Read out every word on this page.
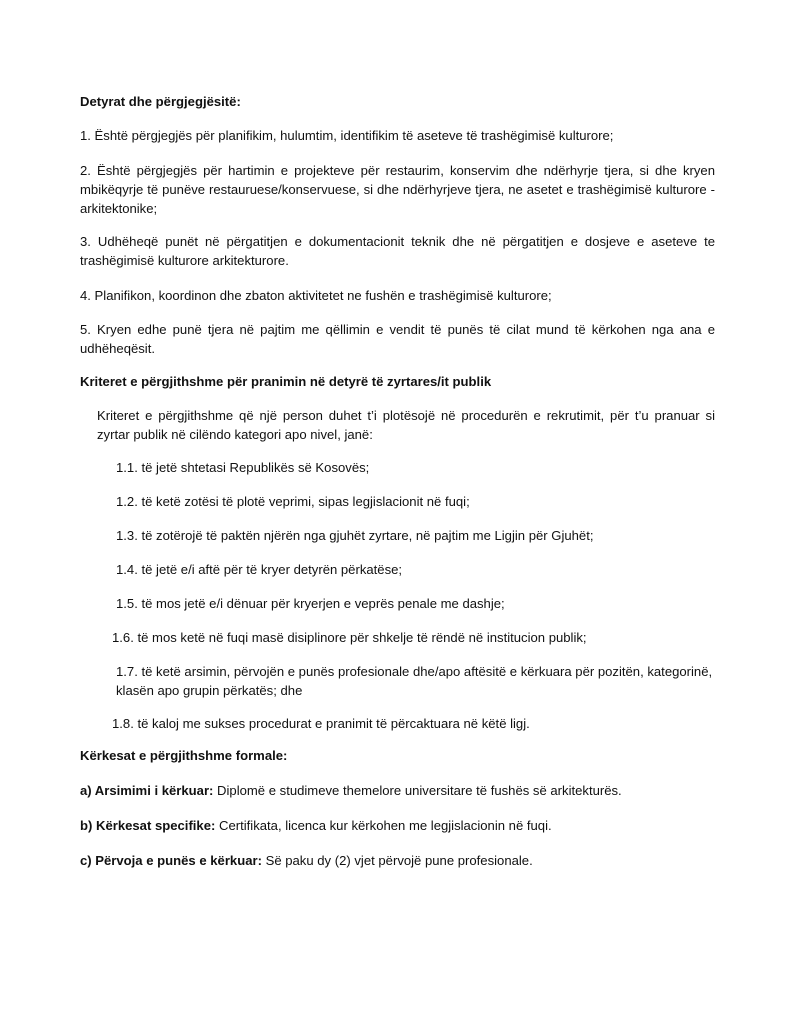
Detyrat dhe përgjegjësitë:
1. Është përgjegjës për planifikim, hulumtim, identifikim të aseteve të trashëgimisë kulturore;
2. Është përgjegjës për hartimin e projekteve për restaurim, konservim dhe ndërhyrje tjera, si dhe kryen mbikëqyrje të punëve restauruese/konservuese, si dhe ndërhyrjeve tjera, ne asetet e trashëgimisë kulturore - arkitektonike;
3. Udhëheqë punët në përgatitjen e dokumentacionit teknik dhe në përgatitjen e dosjeve e aseteve te trashëgimisë kulturore arkitekturore.
4. Planifikon, koordinon dhe zbaton aktivitetet ne fushën e trashëgimisë kulturore;
5. Kryen edhe punë tjera në pajtim me qëllimin e vendit të punës të cilat mund të kërkohen nga ana e udhëheqësit.
Kriteret e përgjithshme për pranimin në detyrë të zyrtares/it publik
Kriteret e përgjithshme që një person duhet t’i plotësojë në procedurën e rekrutimit, për t’u pranuar si zyrtar publik në cilëndo kategori apo nivel, janë:
1.1. të jetë shtetasi Republikës së Kosovës;
1.2. të ketë zotësi të plotë veprimi, sipas legjislacionit në fuqi;
1.3. të zotërojë të paktën njërën nga gjuhët zyrtare, në pajtim me Ligjin për Gjuhët;
1.4. të jetë e/i aftë për të kryer detyrën përkatëse;
1.5. të mos jetë e/i dënuar për kryerjen e veprës penale me dashje;
1.6. të mos ketë në fuqi masë disiplinore për shkelje të rëndë në institucion publik;
1.7. të ketë arsimin, përvojën e punës profesionale dhe/apo aftësitë e kërkuara për pozitën, kategorinë, klasën apo grupin përkatës; dhe
1.8. të kaloj me sukses procedurat e pranimit të përcaktuara në këtë ligj.
Kërkesat e përgjithshme formale:
a) Arsimimi i kërkuar: Diplomë e studimeve themelore universitare të fushës së arkitekturës.
b) Kërkesat specifike: Certifikata, licenca kur kërkohen me legjislacionin në fuqi.
c) Përvoja e punës e kërkuar: Së paku dy (2) vjet përvojë pune profesionale.
